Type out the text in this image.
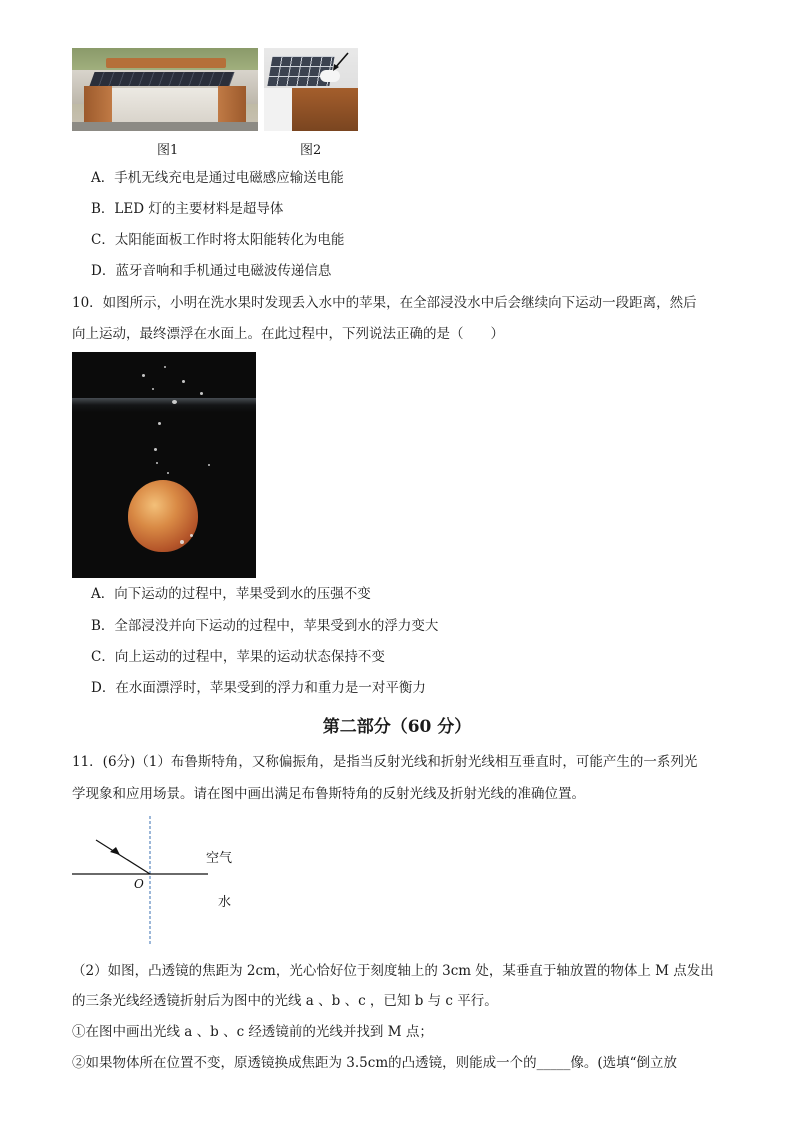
图1	图2
A．手机无线充电是通过电磁感应输送电能
B．LED 灯的主要材料是超导体
C．太阳能面板工作时将太阳能转化为电能
D．蓝牙音响和手机通过电磁波传递信息
10．如图所示，小明在洗水果时发现丢入水中的苹果，在全部浸没水中后会继续向下运动一段距离，然后
向上运动，最终漂浮在水面上。在此过程中，下列说法正确的是（　　）
A．向下运动的过程中，苹果受到水的压强不变
B．全部浸没并向下运动的过程中，苹果受到水的浮力变大
C．向上运动的过程中，苹果的运动状态保持不变
D．在水面漂浮时，苹果受到的浮力和重力是一对平衡力
第二部分（60 分）
11．(6分)（1）布鲁斯特角，又称偏振角，是指当反射光线和折射光线相互垂直时，可能产生的一系列光
学现象和应用场景。请在图中画出满足布鲁斯特角的反射光线及折射光线的准确位置。
空气
水
O
（2）如图，凸透镜的焦距为 2cm，光心恰好位于刻度轴上的 3cm 处，某垂直于轴放置的物体上 M 点发出
的三条光线经透镜折射后为图中的光线 a 、b 、c ，已知 b 与 c 平行。
①在图中画出光线 a 、b 、c 经透镜前的光线并找到 M 点；
②如果物体所在位置不变，原透镜换成焦距为 3.5cm的凸透镜，则能成一个的_____像。(选填“倒立放
